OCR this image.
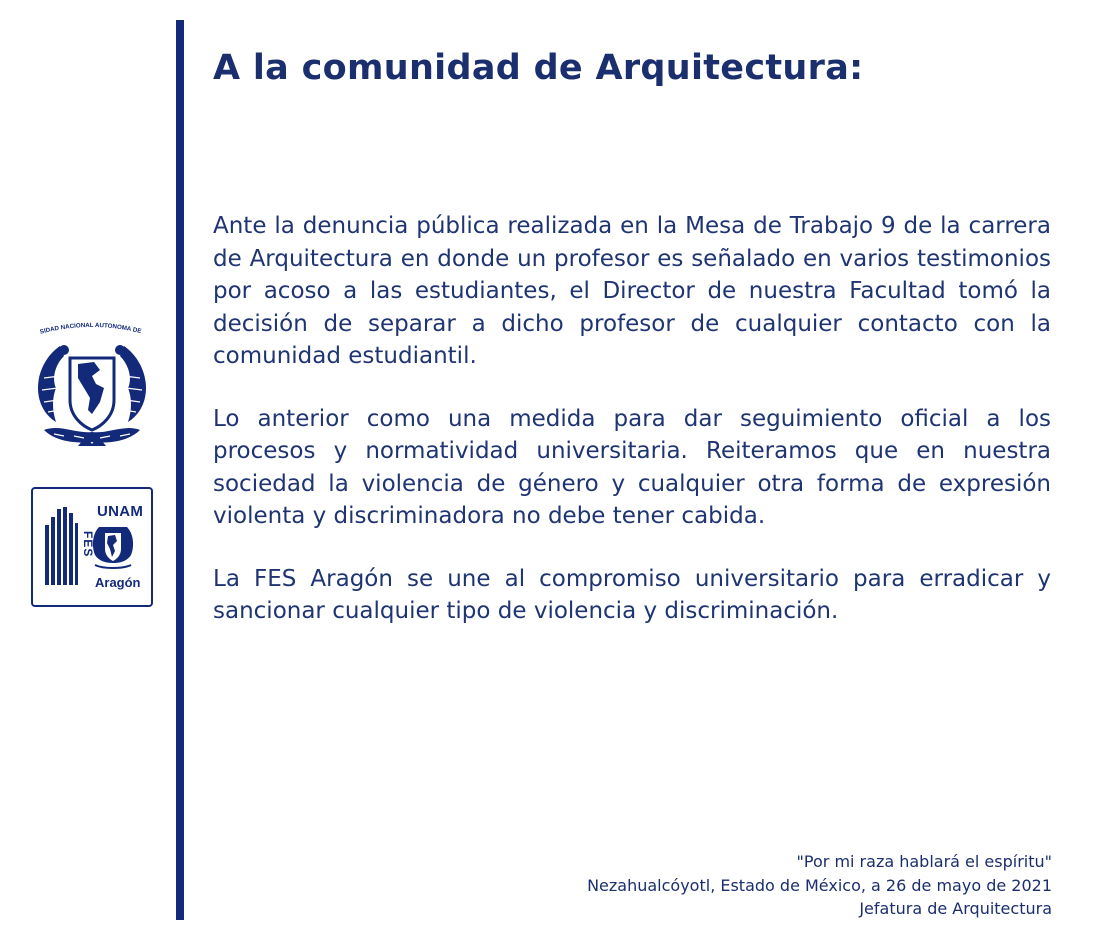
SIDAD NACIONAL AUTONOMA DE
UNAM
FES
Aragón
A la comunidad de Arquitectura:

Ante la denuncia pública realizada en la Mesa de Trabajo 9 de la carrera de Arquitectura en donde un profesor es señalado en varios testimonios por acoso a las estudiantes, el Director de nuestra Facultad tomó la decisión de separar a dicho profesor de cualquier contacto con la comunidad estudiantil.

Lo anterior como una medida para dar seguimiento oficial a los procesos y normatividad universitaria. Reiteramos que en nuestra sociedad la violencia de género y cualquier otra forma de expresión violenta y discriminadora no debe tener cabida.

La FES Aragón se une al compromiso universitario para erradicar y sancionar cualquier tipo de violencia y discriminación.

"Por mi raza hablará el espíritu"
Nezahualcóyotl, Estado de México, a 26 de mayo de 2021
Jefatura de Arquitectura
